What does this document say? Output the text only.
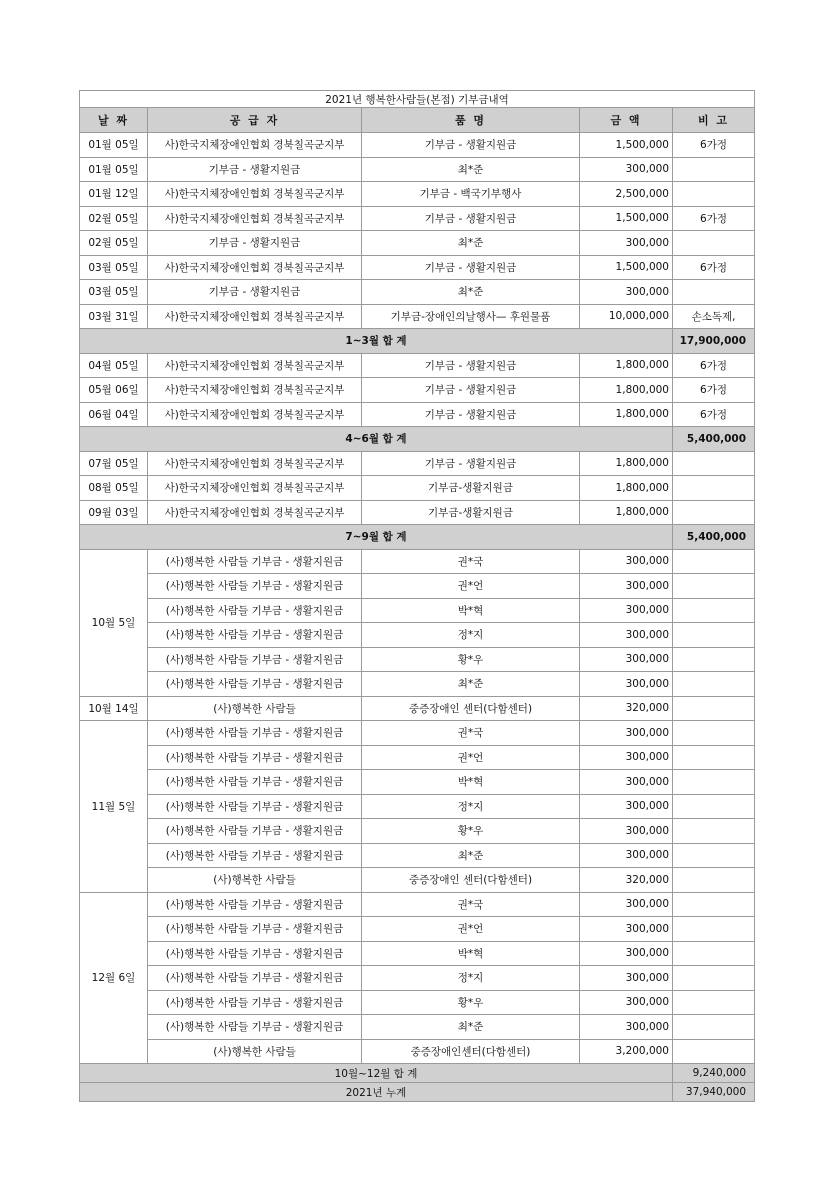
2021년 행복한사람들(본점) 기부금내역				
날 짜	공 급 자	품 명	금 액	비 고
01월 05일	사)한국지체장애인협회 경북칠곡군지부	기부금 - 생활지원금	1,500,000	6가정
01월 05일	기부금 - 생활지원금	최*준	300,000	
01월 12일	사)한국지체장애인협회 경북칠곡군지부	기부금 - 백국기부행사	2,500,000	
02월 05일	사)한국지체장애인협회 경북칠곡군지부	기부금 - 생활지원금	1,500,000	6가정
02월 05일	기부금 - 생활지원금	최*준	300,000	
03월 05일	사)한국지체장애인협회 경북칠곡군지부	기부금 - 생활지원금	1,500,000	6가정
03월 05일	기부금 - 생활지원금	최*준	300,000	
03월 31일	사)한국지체장애인협회 경북칠곡군지부	기부금-장애인의날행사— 후원물품	10,000,000	손소독제,
1~3월 합 계				17,900,000
04월 05일	사)한국지체장애인협회 경북칠곡군지부	기부금 - 생활지원금	1,800,000	6가정
05월 06일	사)한국지체장애인협회 경북칠곡군지부	기부금 - 생활지원금	1,800,000	6가정
06월 04일	사)한국지체장애인협회 경북칠곡군지부	기부금 - 생활지원금	1,800,000	6가정
4~6월 합 계				5,400,000
07월 05일	사)한국지체장애인협회 경북칠곡군지부	기부금 - 생활지원금	1,800,000	
08월 05일	사)한국지체장애인협회 경북칠곡군지부	기부금-생활지원금	1,800,000	
09월 03일	사)한국지체장애인협회 경북칠곡군지부	기부금-생활지원금	1,800,000	
7~9월 합 계				5,400,000
10월 5일	(사)행복한 사람들 기부금 - 생활지원금	권*국	300,000	
	(사)행복한 사람들 기부금 - 생활지원금	권*언	300,000	
	(사)행복한 사람들 기부금 - 생활지원금	박*혁	300,000	
	(사)행복한 사람들 기부금 - 생활지원금	정*지	300,000	
	(사)행복한 사람들 기부금 - 생활지원금	황*우	300,000	
	(사)행복한 사람들 기부금 - 생활지원금	최*준	300,000	
10월 14일	(사)행복한 사람들	중증장애인 센터(다함센터)	320,000	
11월 5일	(사)행복한 사람들 기부금 - 생활지원금	권*국	300,000	
	(사)행복한 사람들 기부금 - 생활지원금	권*언	300,000	
	(사)행복한 사람들 기부금 - 생활지원금	박*혁	300,000	
	(사)행복한 사람들 기부금 - 생활지원금	정*지	300,000	
	(사)행복한 사람들 기부금 - 생활지원금	황*우	300,000	
	(사)행복한 사람들 기부금 - 생활지원금	최*준	300,000	
	(사)행복한 사람들	중증장애인 센터(다함센터)	320,000	
12월 6일	(사)행복한 사람들 기부금 - 생활지원금	권*국	300,000	
	(사)행복한 사람들 기부금 - 생활지원금	권*언	300,000	
	(사)행복한 사람들 기부금 - 생활지원금	박*혁	300,000	
	(사)행복한 사람들 기부금 - 생활지원금	정*지	300,000	
	(사)행복한 사람들 기부금 - 생활지원금	황*우	300,000	
	(사)행복한 사람들 기부금 - 생활지원금	최*준	300,000	
	(사)행복한 사람들	중증장애인센터(다함센터)	3,200,000	
10월~12월 합 계				9,240,000
2021년 누계				37,940,000
